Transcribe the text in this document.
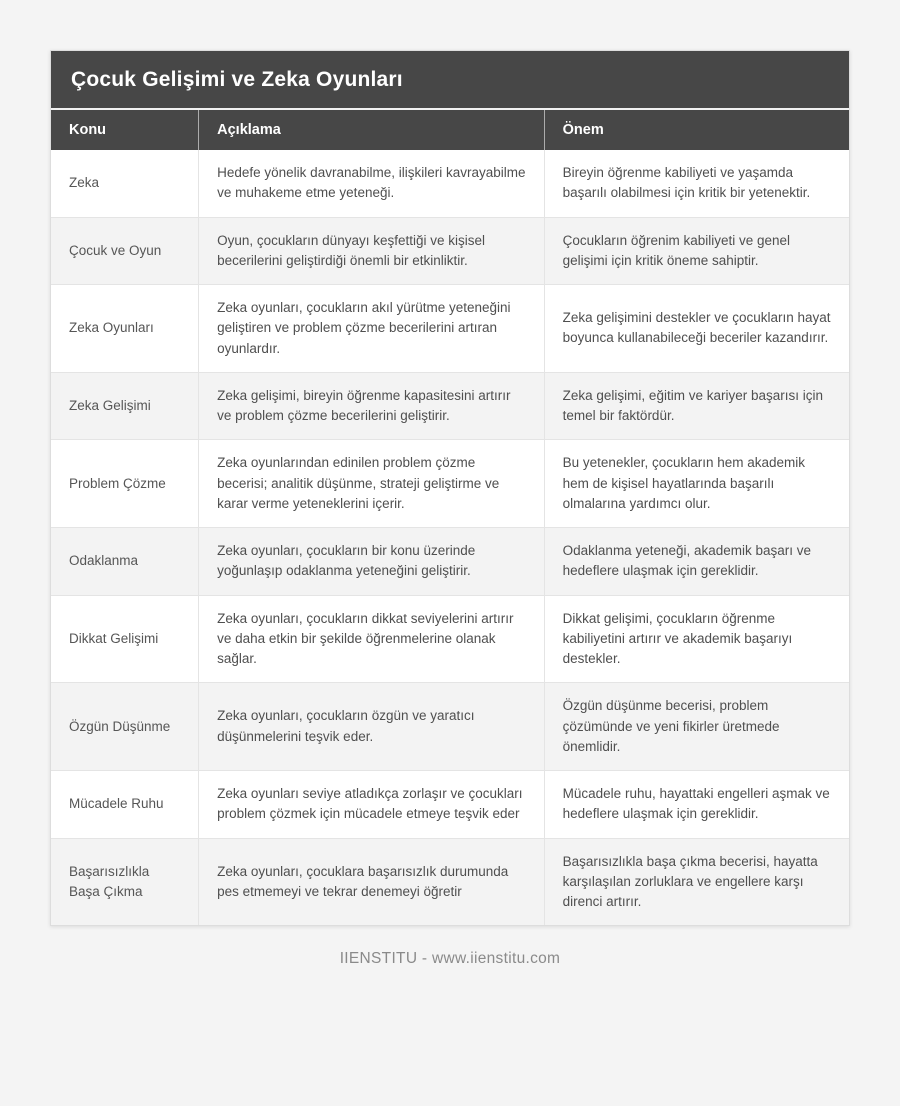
Çocuk Gelişimi ve Zeka Oyunları
Konu	Açıklama	Önem
Zeka	Hedefe yönelik davranabilme, ilişkileri kavrayabilme ve muhakeme etme yeteneği.	Bireyin öğrenme kabiliyeti ve yaşamda başarılı olabilmesi için kritik bir yetenektir.
Çocuk ve Oyun	Oyun, çocukların dünyayı keşfettiği ve kişisel becerilerini geliştirdiği önemli bir etkinliktir.	Çocukların öğrenim kabiliyeti ve genel gelişimi için kritik öneme sahiptir.
Zeka Oyunları	Zeka oyunları, çocukların akıl yürütme yeteneğini geliştiren ve problem çözme becerilerini artıran oyunlardır.	Zeka gelişimini destekler ve çocukların hayat boyunca kullanabileceği beceriler kazandırır.
Zeka Gelişimi	Zeka gelişimi, bireyin öğrenme kapasitesini artırır ve problem çözme becerilerini geliştirir.	Zeka gelişimi, eğitim ve kariyer başarısı için temel bir faktördür.
Problem Çözme	Zeka oyunlarından edinilen problem çözme becerisi; analitik düşünme, strateji geliştirme ve karar verme yeteneklerini içerir.	Bu yetenekler, çocukların hem akademik hem de kişisel hayatlarında başarılı olmalarına yardımcı olur.
Odaklanma	Zeka oyunları, çocukların bir konu üzerinde yoğunlaşıp odaklanma yeteneğini geliştirir.	Odaklanma yeteneği, akademik başarı ve hedeflere ulaşmak için gereklidir.
Dikkat Gelişimi	Zeka oyunları, çocukların dikkat seviyelerini artırır ve daha etkin bir şekilde öğrenmelerine olanak sağlar.	Dikkat gelişimi, çocukların öğrenme kabiliyetini artırır ve akademik başarıyı destekler.
Özgün Düşünme	Zeka oyunları, çocukların özgün ve yaratıcı düşünmelerini teşvik eder.	Özgün düşünme becerisi, problem çözümünde ve yeni fikirler üretmede önemlidir.
Mücadele Ruhu	Zeka oyunları seviye atladıkça zorlaşır ve çocukları problem çözmek için mücadele etmeye teşvik eder	Mücadele ruhu, hayattaki engelleri aşmak ve hedeflere ulaşmak için gereklidir.
Başarısızlıkla Başa Çıkma	Zeka oyunları, çocuklara başarısızlık durumunda pes etmemeyi ve tekrar denemeyi öğretir	Başarısızlıkla başa çıkma becerisi, hayatta karşılaşılan zorluklara ve engellere karşı direnci artırır.
IIENSTITU - www.iienstitu.com
